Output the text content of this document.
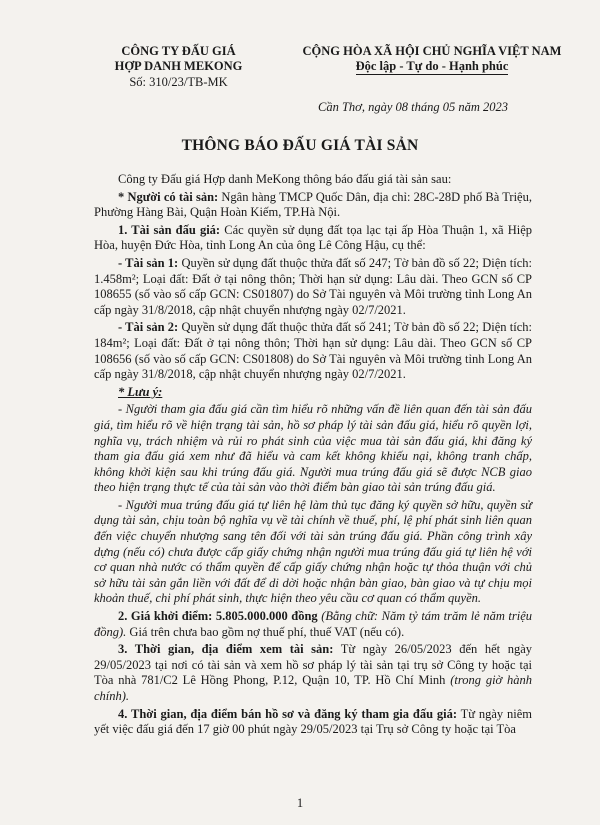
CÔNG TY ĐẤU GIÁ
HỢP DANH MEKONG
Số: 310/23/TB-MK
CỘNG HÒA XÃ HỘI CHỦ NGHĨA VIỆT NAM
Độc lập - Tự do - Hạnh phúc
Cần Thơ, ngày 08 tháng 05 năm 2023
THÔNG BÁO ĐẤU GIÁ TÀI SẢN

Công ty Đấu giá Hợp danh MeKong thông báo đấu giá tài sản sau:

* Người có tài sản: Ngân hàng TMCP Quốc Dân, địa chỉ: 28C-28D phố Bà Triệu, Phường Hàng Bài, Quận Hoàn Kiếm, TP.Hà Nội.

1. Tài sản đấu giá: Các quyền sử dụng đất tọa lạc tại ấp Hòa Thuận 1, xã Hiệp Hòa, huyện Đức Hòa, tỉnh Long An của ông Lê Công Hậu, cụ thể:

- Tài sản 1: Quyền sử dụng đất thuộc thửa đất số 247; Tờ bản đồ số 22; Diện tích: 1.458m²; Loại đất: Đất ở tại nông thôn; Thời hạn sử dụng: Lâu dài. Theo GCN số CP 108655 (số vào số cấp GCN: CS01807) do Sở Tài nguyên và Môi trường tỉnh Long An cấp ngày 31/8/2018, cập nhật chuyển nhượng ngày 02/7/2021.

- Tài sản 2: Quyền sử dụng đất thuộc thửa đất số 241; Tờ bản đồ số 22; Diện tích: 184m²; Loại đất: Đất ở tại nông thôn; Thời hạn sử dụng: Lâu dài. Theo GCN số CP 108656 (số vào số cấp GCN: CS01808) do Sở Tài nguyên và Môi trường tỉnh Long An cấp ngày 31/8/2018, cập nhật chuyển nhượng ngày 02/7/2021.

* Lưu ý:

- Người tham gia đấu giá cần tìm hiểu rõ những vấn đề liên quan đến tài sản đấu giá, tìm hiểu rõ về hiện trạng tài sản, hồ sơ pháp lý tài sản đấu giá, hiểu rõ quyền lợi, nghĩa vụ, trách nhiệm và rủi ro phát sinh của việc mua tài sản đấu giá, khi đăng ký tham gia đấu giá xem như đã hiểu và cam kết không khiếu nại, không tranh chấp, không khởi kiện sau khi trúng đấu giá. Người mua trúng đấu giá sẽ được NCB giao theo hiện trạng thực tế của tài sản vào thời điểm bàn giao tài sản trúng đấu giá.

- Người mua trúng đấu giá tự liên hệ làm thủ tục đăng ký quyền sở hữu, quyền sử dụng tài sản, chịu toàn bộ nghĩa vụ về tài chính về thuế, phí, lệ phí phát sinh liên quan đến việc chuyển nhượng sang tên đối với tài sản trúng đấu giá. Phần công trình xây dựng (nếu có) chưa được cấp giấy chứng nhận người mua trúng đấu giá tự liên hệ với cơ quan nhà nước có thẩm quyền để cấp giấy chứng nhận hoặc tự thỏa thuận với chủ sở hữu tài sản gắn liền với đất để di dời hoặc nhận bàn giao, bàn giao và tự chịu mọi khoản thuế, chi phí phát sinh, thực hiện theo yêu cầu cơ quan có thẩm quyền.

2. Giá khởi điểm: 5.805.000.000 đồng (Bằng chữ: Năm tỷ tám trăm lẻ năm triệu đồng). Giá trên chưa bao gồm nợ thuế phí, thuế VAT (nếu có).

3. Thời gian, địa điểm xem tài sản: Từ ngày 26/05/2023 đến hết ngày 29/05/2023 tại nơi có tài sản và xem hồ sơ pháp lý tài sản tại trụ sở Công ty hoặc tại Tòa nhà 781/C2 Lê Hồng Phong, P.12, Quận 10, TP. Hồ Chí Minh (trong giờ hành chính).

4. Thời gian, địa điểm bán hồ sơ và đăng ký tham gia đấu giá: Từ ngày niêm yết việc đấu giá đến 17 giờ 00 phút ngày 29/05/2023 tại Trụ sở Công ty hoặc tại Tòa

1
